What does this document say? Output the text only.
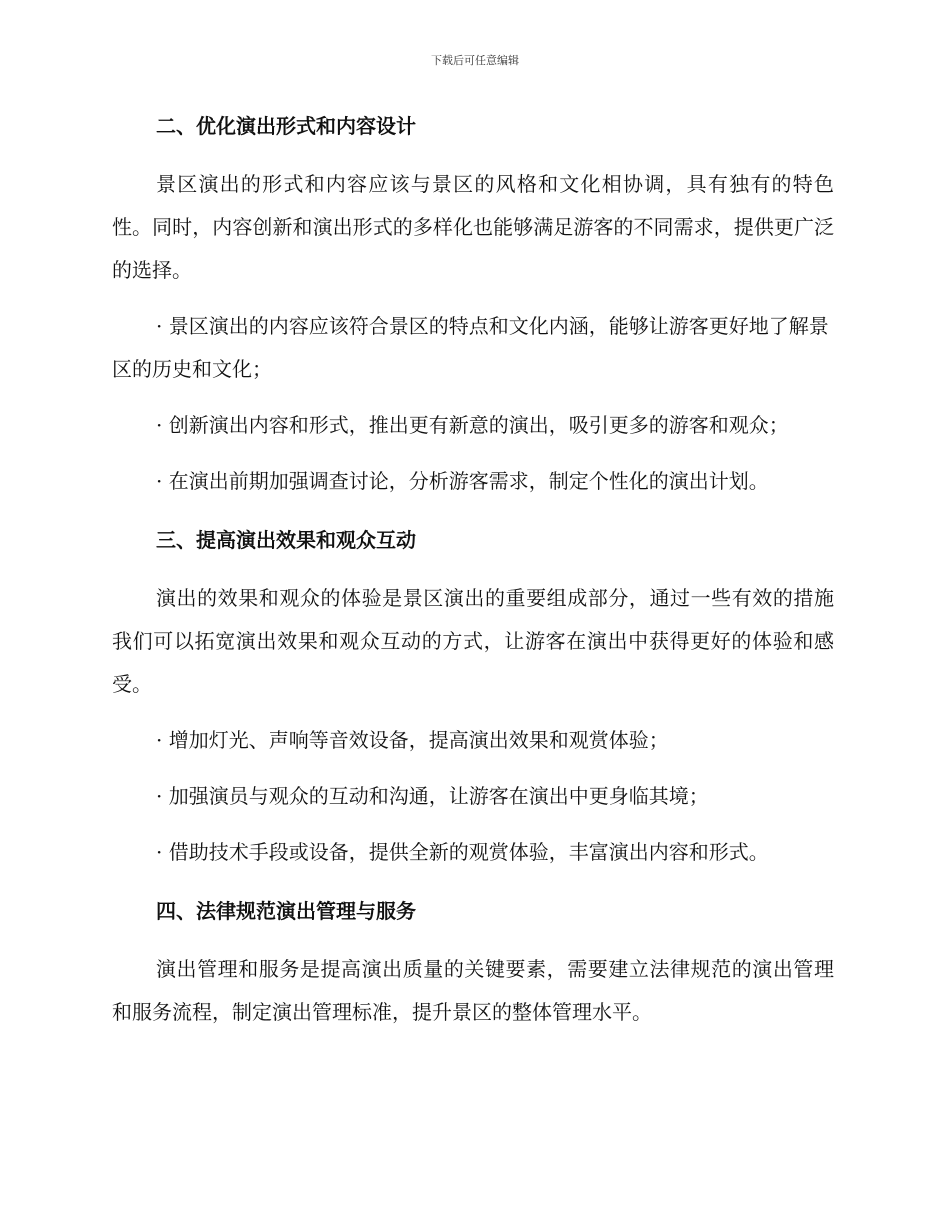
下载后可任意编辑
二、优化演出形式和内容设计

景区演出的形式和内容应该与景区的风格和文化相协调，具有独有的特色性。同时，内容创新和演出形式的多样化也能够满足游客的不同需求，提供更广泛的选择。

· 景区演出的内容应该符合景区的特点和文化内涵，能够让游客更好地了解景区的历史和文化；

· 创新演出内容和形式，推出更有新意的演出，吸引更多的游客和观众；

· 在演出前期加强调查讨论，分析游客需求，制定个性化的演出计划。

三、提高演出效果和观众互动

演出的效果和观众的体验是景区演出的重要组成部分，通过一些有效的措施我们可以拓宽演出效果和观众互动的方式，让游客在演出中获得更好的体验和感受。

· 增加灯光、声响等音效设备，提高演出效果和观赏体验；

· 加强演员与观众的互动和沟通，让游客在演出中更身临其境；

· 借助技术手段或设备，提供全新的观赏体验，丰富演出内容和形式。

四、法律规范演出管理与服务

演出管理和服务是提高演出质量的关键要素，需要建立法律规范的演出管理和服务流程，制定演出管理标准，提升景区的整体管理水平。
